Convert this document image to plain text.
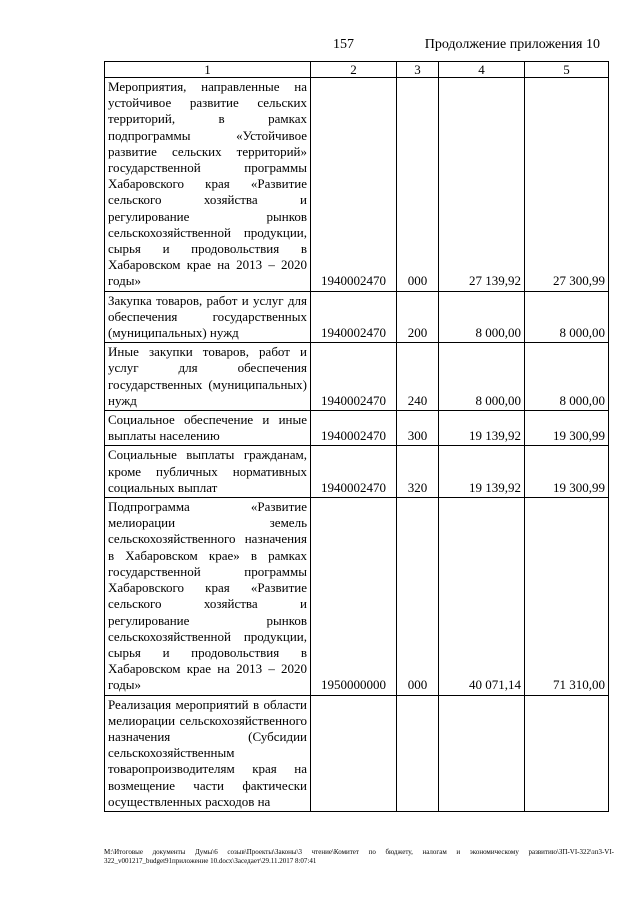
157	Продолжение приложения 10
1	2	3	4	5
Мероприятия, направленные на устойчивое развитие сельских территорий, в рамках подпрограммы «Устойчивое развитие сельских территорий» государственной программы Хабаровского края «Развитие сельского хозяйства и регулирование рынков сельскохозяйственной продукции, сырья и продовольствия в Хабаровском крае на 2013 – 2020 годы»	1940002470	000	27 139,92	27 300,99
Закупка товаров, работ и услуг для обеспечения государственных (муниципальных) нужд	1940002470	200	8 000,00	8 000,00
Иные закупки товаров, работ и услуг для обеспечения государственных (муниципальных) нужд	1940002470	240	8 000,00	8 000,00
Социальное обеспечение и иные выплаты населению	1940002470	300	19 139,92	19 300,99
Социальные выплаты гражданам, кроме публичных нормативных социальных выплат	1940002470	320	19 139,92	19 300,99
Подпрограмма «Развитие мелиорации земель сельскохозяйственного назначения в Хабаровском крае» в рамках государственной программы Хабаровского края «Развитие сельского хозяйства и регулирование рынков сельскохозяйственной продукции, сырья и продовольствия в Хабаровском крае на 2013 – 2020 годы»	1950000000	000	40 071,14	71 310,00
Реализация мероприятий в области мелиорации сельскохозяйственного назначения (Субсидии сельскохозяйственным товаропроизводителям края на возмещение части фактически осуществленных расходов на				
M:\Итоговые документы Думы\6 созыв\Проекты\Законы\3 чтение\Комитет по бюджету, налогам и экономическому развитию\ЗП-VI-322\зп3-VI-322_v001217_budget91приложение 10.docx\Заседает\29.11.2017 8:07:41
